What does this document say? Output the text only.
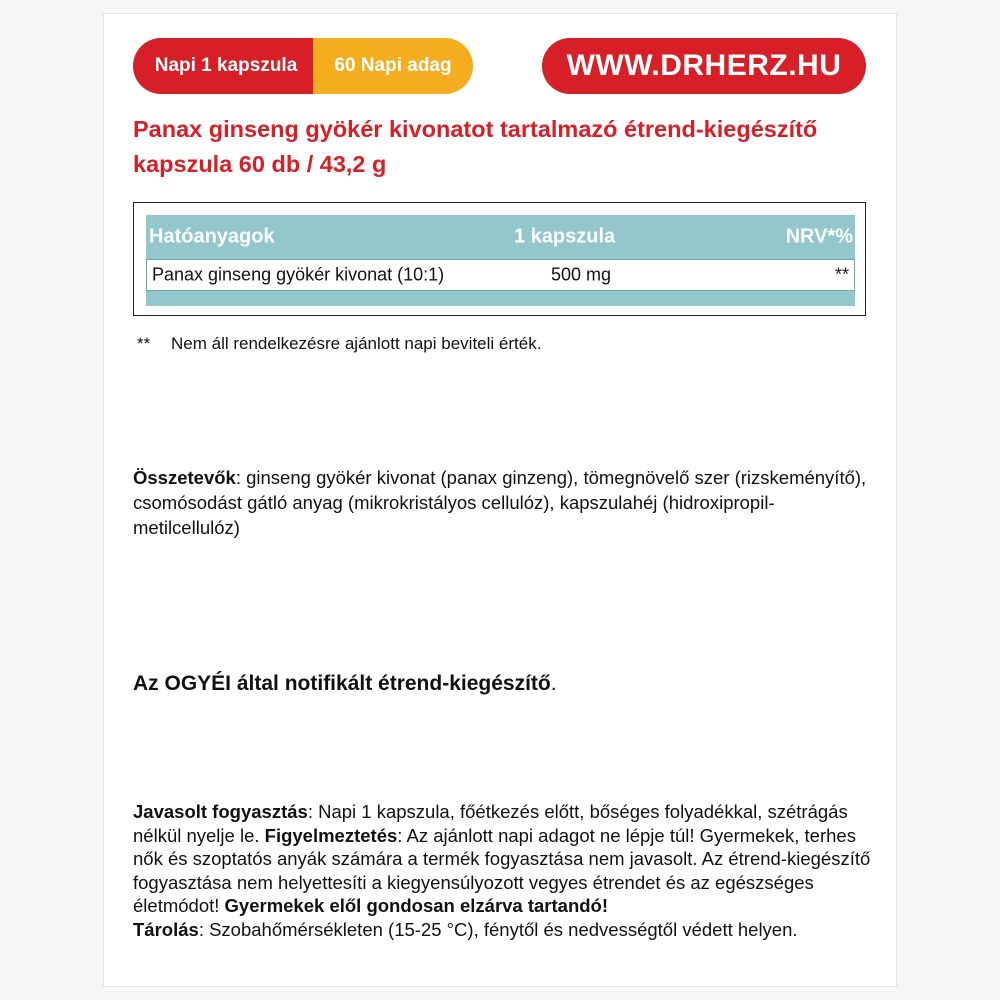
Napi 1 kapszula	60 Napi adag	WWW.DRHERZ.HU
Panax ginseng gyökér kivonatot tartalmazó étrend-kiegészítő
kapszula 60 db / 43,2 g
Hatóanyagok	1 kapszula	NRV*%
Panax ginseng gyökér kivonat (10:1)	500 mg	**
** Nem áll rendelkezésre ajánlott napi beviteli érték.

Összetevők: ginseng gyökér kivonat (panax ginzeng), tömegnövelő szer (rizskeményítő), csomósodást gátló anyag (mikrokristályos cellulóz), kapszulahéj (hidroxipropil-metilcellulóz)

Az OGYÉI által notifikált étrend-kiegészítő.

Javasolt fogyasztás: Napi 1 kapszula, főétkezés előtt, bőséges folyadékkal, szétrágás nélkül nyelje le. Figyelmeztetés: Az ajánlott napi adagot ne lépje túl! Gyermekek, terhes nők és szoptatós anyák számára a termék fogyasztása nem javasolt. Az étrend-kiegészítő fogyasztása nem helyettesíti a kiegyensúlyozott vegyes étrendet és az egészséges életmódot! Gyermekek elől gondosan elzárva tartandó!
Tárolás: Szobahőmérsékleten (15-25 °C), fénytől és nedvességtől védett helyen.
